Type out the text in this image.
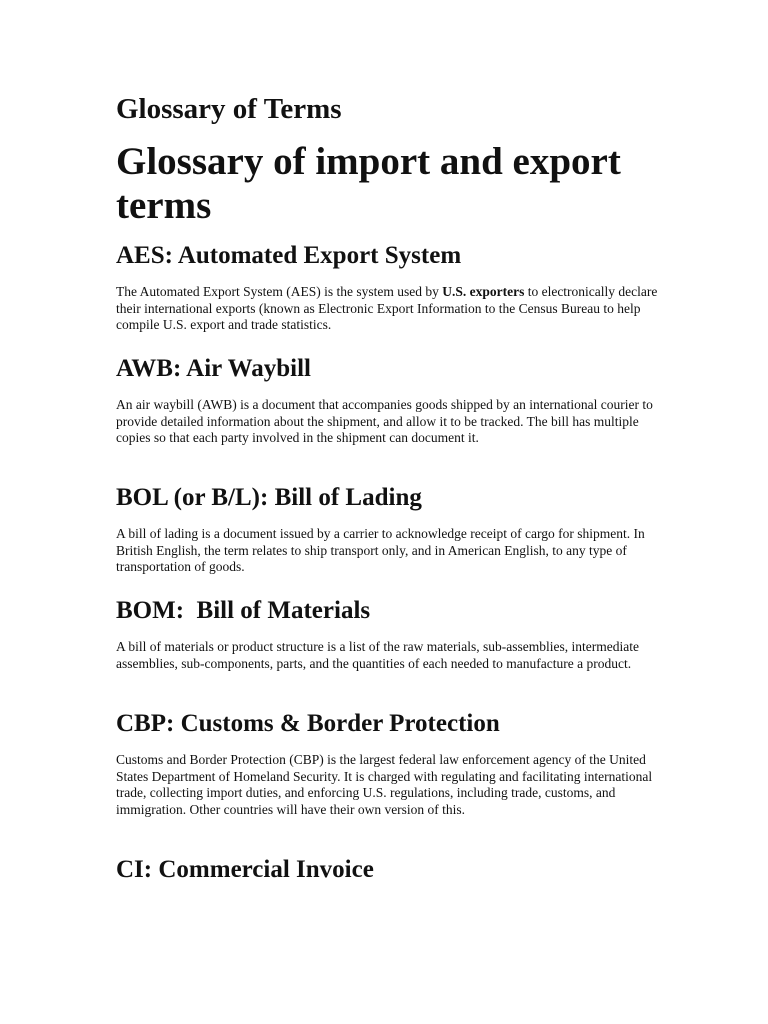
Glossary of Terms
Glossary of import and export terms
AES: Automated Export System

The Automated Export System (AES) is the system used by U.S. exporters to electronically declare their international exports (known as Electronic Export Information to the Census Bureau to help compile U.S. export and trade statistics.

AWB: Air Waybill

An air waybill (AWB) is a document that accompanies goods shipped by an international courier to provide detailed information about the shipment, and allow it to be tracked. The bill has multiple copies so that each party involved in the shipment can document it.

BOL (or B/L): Bill of Lading

A bill of lading is a document issued by a carrier to acknowledge receipt of cargo for shipment. In British English, the term relates to ship transport only, and in American English, to any type of transportation of goods.

BOM:  Bill of Materials

A bill of materials or product structure is a list of the raw materials, sub-assemblies, intermediate assemblies, sub-components, parts, and the quantities of each needed to manufacture a product.

CBP: Customs & Border Protection

Customs and Border Protection (CBP) is the largest federal law enforcement agency of the United States Department of Homeland Security. It is charged with regulating and facilitating international trade, collecting import duties, and enforcing U.S. regulations, including trade, customs, and immigration. Other countries will have their own version of this.

CI: Commercial Invoice
